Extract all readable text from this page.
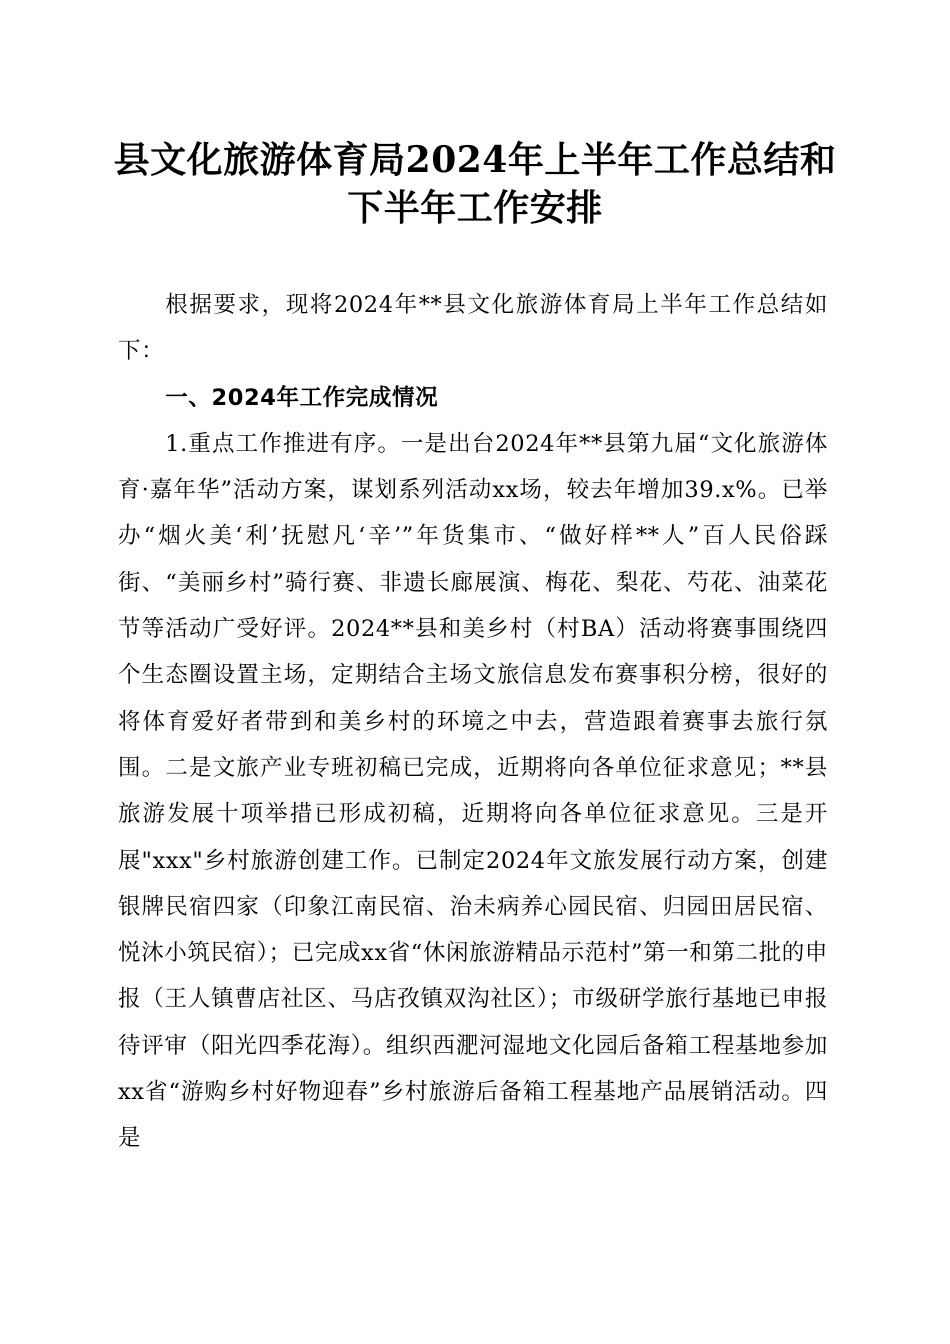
县文化旅游体育局2024年上半年工作总结和
下半年工作安排

根据要求，现将2024年**县文化旅游体育局上半年工作总结如下：

一、2024年工作完成情况

1.重点工作推进有序。一是出台2024年**县第九届“文化旅游体育·嘉年华”活动方案，谋划系列活动xx场，较去年增加39.x%。已举办“烟火美‘利’抚慰凡‘辛’”年货集市、“做好样**人”百人民俗踩街、“美丽乡村”骑行赛、非遗长廊展演、梅花、梨花、芍花、油菜花节等活动广受好评。2024**县和美乡村（村BA）活动将赛事围绕四个生态圈设置主场，定期结合主场文旅信息发布赛事积分榜，很好的将体育爱好者带到和美乡村的环境之中去，营造跟着赛事去旅行氛围。二是文旅产业专班初稿已完成，近期将向各单位征求意见；**县旅游发展十项举措已形成初稿，近期将向各单位征求意见。三是开展"xxx"乡村旅游创建工作。已制定2024年文旅发展行动方案，创建银牌民宿四家（印象江南民宿、治未病养心园民宿、归园田居民宿、悦沐小筑民宿）；已完成xx省“休闲旅游精品示范村”第一和第二批的申报（王人镇曹店社区、马店孜镇双沟社区）；市级研学旅行基地已申报待评审（阳光四季花海）。组织西淝河湿地文化园后备箱工程基地参加xx省“游购乡村好物迎春”乡村旅游后备箱工程基地产品展销活动。四是
